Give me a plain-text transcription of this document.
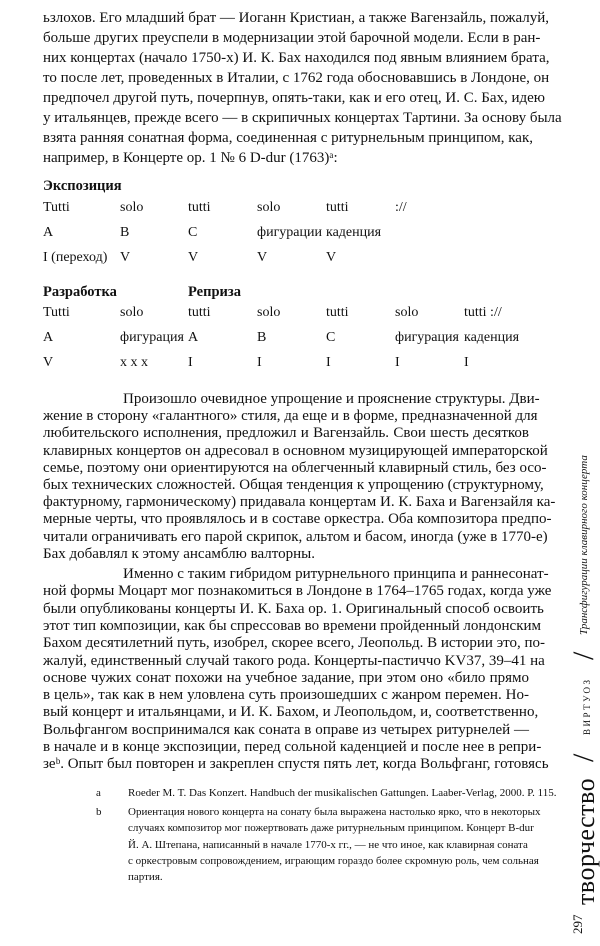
ьзлохов. Его младший брат — Иоганн Кристиан, а также Вагензайль, пожалуй,
больше других преуспели в модернизации этой барочной модели. Если в ран-
них концертах (начало 1750-х) И. К. Бах находился под явным влиянием брата,
то после лет, проведенных в Италии, с 1762 года обосновавшись в Лондоне, он
предпочел другой путь, почерпнув, опять-таки, как и его отец, И. С. Бах, идею
у итальянцев, прежде всего — в скрипичных концертах Тартини. За основу была
взята ранняя сонатная форма, соединенная с ритурнельным принципом, как,
например, в Концерте op. 1 № 6 D-dur (1763)ᵃ:
Произошло очевидное упрощение и прояснение структуры. Дви-
жение в сторону «галантного» стиля, да еще и в форме, предназначенной для
любительского исполнения, предложил и Вагензайль. Свои шесть десятков
клавирных концертов он адресовал в основном музицирующей императорской
семье, поэтому они ориентируются на облегченный клавирный стиль, без осо-
бых технических сложностей. Общая тенденция к упрощению (структурному,
фактурному, гармоническому) придавала концертам И. К. Баха и Вагензайля ка-
мерные черты, что проявлялось и в составе оркестра. Оба композитора предпо-
читали ограничивать его парой скрипок, альтом и басом, иногда (уже в 1770-е)
Бах добавлял к этому ансамблю валторны.
Именно с таким гибридом ритурнельного принципа и раннесонат-
ной формы Моцарт мог познакомиться в Лондоне в 1764–1765 годах, когда уже
были опубликованы концерты И. К. Баха op. 1. Оригинальный способ освоить
этот тип композиции, как бы спрессовав во времени пройденный лондонским
Бахом десятилетний путь, изобрел, скорее всего, Леопольд. В истории это, по-
жалуй, единственный случай такого рода. Концерты-пастиччо KV37, 39–41 на
основе чужих сонат похожи на учебное задание, при этом оно «било прямо
в цель», так как в нем уловлена суть произошедших с жанром перемен. Но-
вый концерт и итальянцами, и И. К. Бахом, и Леопольдом, и, соответственно,
Вольфгангом воспринимался как соната в оправе из четырех ритурнелей —
в начале и в конце экспозиции, перед сольной каденцией и после нее в репри-
зеᵇ. Опыт был повторен и закреплен спустя пять лет, когда Вольфганг, готовясь
Экспозиция
Разработка	Реприза
Tutti	solo	tutti	solo	tutti	://
A	B	C	фигурации каденция
I (переход) V	V	V	V
Tutti	solo	tutti	solo	tutti	solo	tutti ://
A	фигурация A	B	C	фигурация каденция
V	x x x	I	I	I	I	I
a Roeder M. T. Das Konzert. Handbuch der musikalischen Gattungen. Laaber-Verlag, 2000. P. 115.
b Ориентация нового концерта на сонату была выражена настолько ярко, что в некоторых
случаях композитор мог пожертвовать даже ритурнельным принципом. Концерт B-dur
Й. А. Штепана, написанный в начале 1770-х гг., — не что иное, как клавирная соната
с оркестровым сопровождением, играющим гораздо более скромную роль, чем сольная
партия.
297
творчество
/
ВИРТУОЗ
/
Трансфигурации клавирного концерта
